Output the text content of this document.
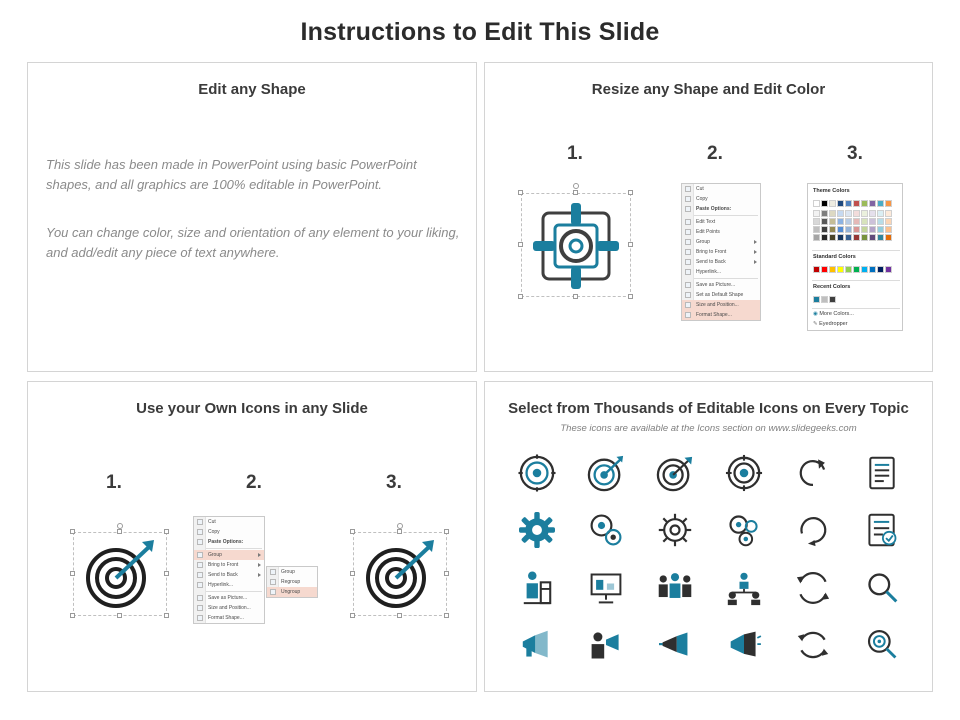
Instructions to Edit This Slide
Edit any Shape
This slide has been made in PowerPoint using basic PowerPoint shapes, and all graphics are 100% editable in PowerPoint.
You can change color, size and orientation of any element to your liking, and add/edit any piece of text anywhere.
Resize any Shape and Edit Color
1.	2.	3.
Cut
Copy
Paste Options:
Edit Text
Edit Points
Group
Bring to Front
Send to Back
Hyperlink...
Save as Picture...
Set as Default Shape
Size and Position...
Format Shape...
Theme Colors
Standard Colors
Recent Colors
◉ More Colors...
✎ Eyedropper
Use your Own Icons in any Slide
1.	2.	3.
Cut
Copy
Paste Options:
Group
Bring to Front
Send to Back
Hyperlink...
Save as Picture...
Size and Position...
Format Shape...
Group
Regroup
Ungroup
Select from Thousands of Editable Icons on Every Topic
These icons are available at the Icons section on www.slidegeeks.com
